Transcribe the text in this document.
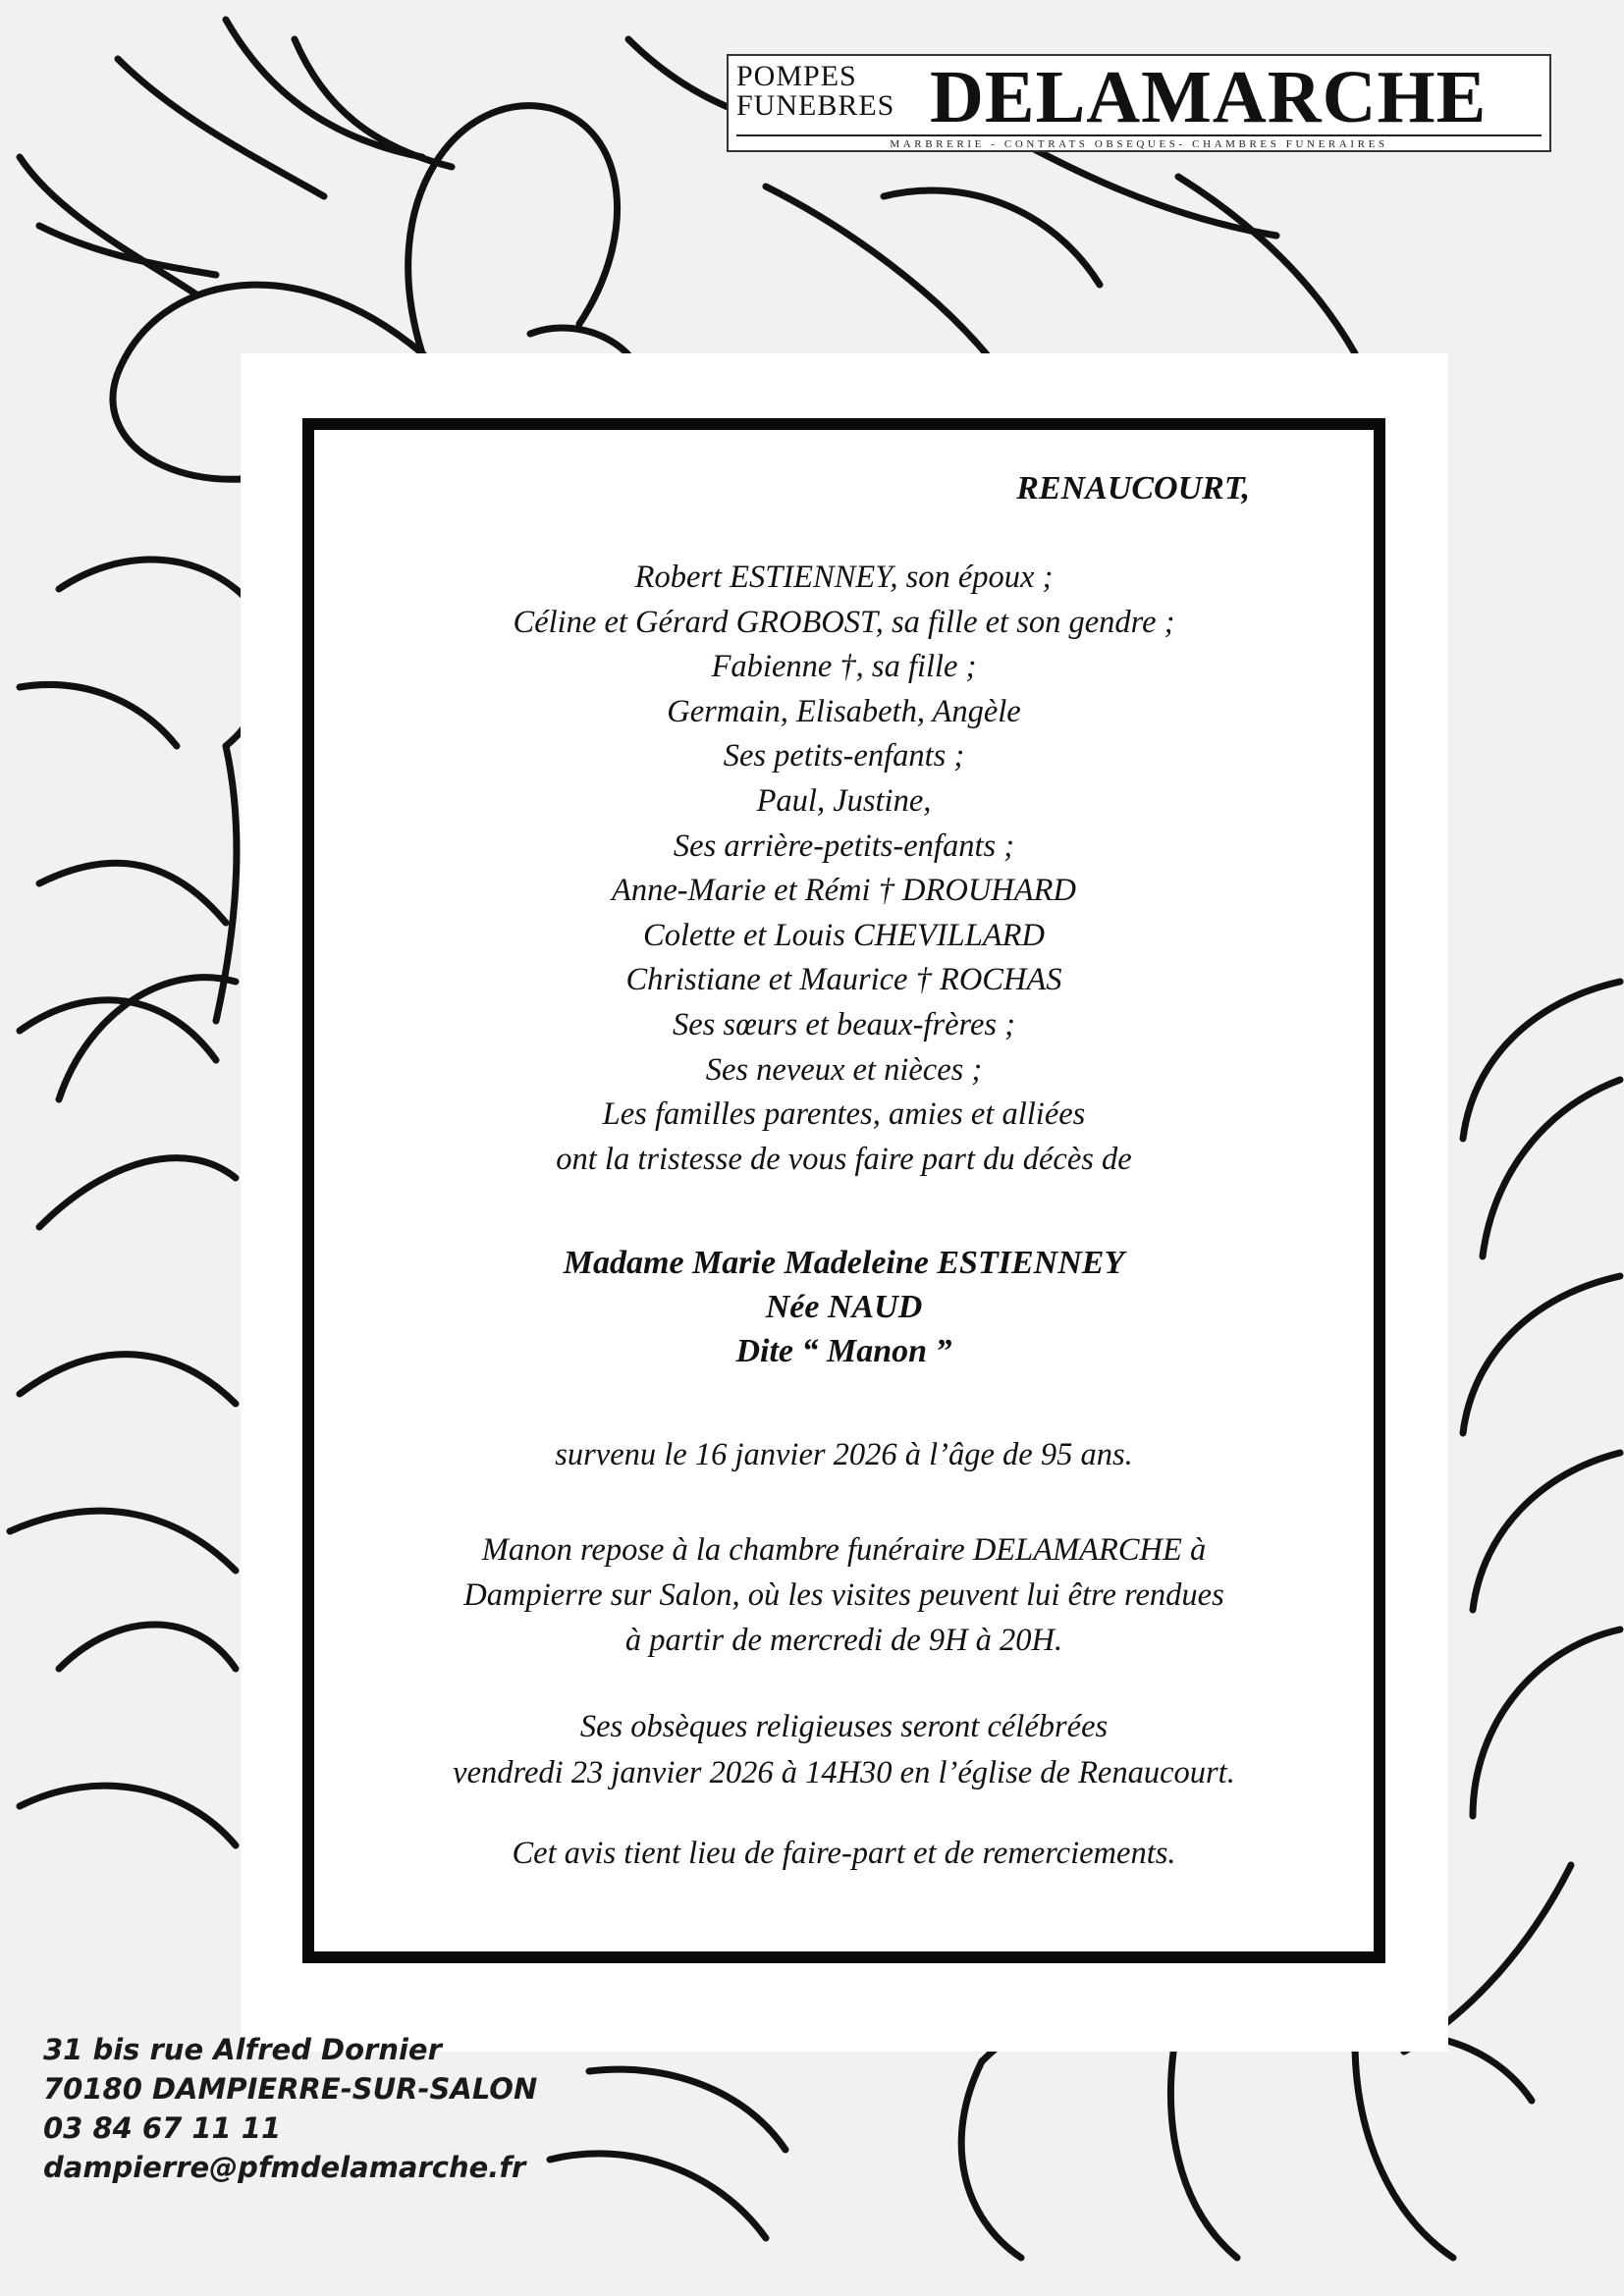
POMPES
FUNEBRES DELAMARCHE
MARBRERIE - CONTRATS OBSEQUES- CHAMBRES FUNERAIRES
RENAUCOURT,
Robert ESTIENNEY, son époux ;
Céline et Gérard GROBOST, sa fille et son gendre ;
Fabienne †, sa fille ;
Germain, Elisabeth, Angèle
Ses petits-enfants ;
Paul, Justine,
Ses arrière-petits-enfants ;
Anne-Marie et Rémi † DROUHARD
Colette et Louis CHEVILLARD
Christiane et Maurice † ROCHAS
Ses sœurs et beaux-frères ;
Ses neveux et nièces ;
Les familles parentes, amies et alliées
ont la tristesse de vous faire part du décès de
Madame Marie Madeleine ESTIENNEY
Née NAUD
Dite “ Manon ”
survenu le 16 janvier 2026 à l’âge de 95 ans.
Manon repose à la chambre funéraire DELAMARCHE à
Dampierre sur Salon, où les visites peuvent lui être rendues
à partir de mercredi de 9H à 20H.
Ses obsèques religieuses seront célébrées
vendredi 23 janvier 2026 à 14H30 en l’église de Renaucourt.
Cet avis tient lieu de faire-part et de remerciements.
31 bis rue Alfred Dornier
70180 DAMPIERRE-SUR-SALON
03 84 67 11 11
dampierre@pfmdelamarche.fr
